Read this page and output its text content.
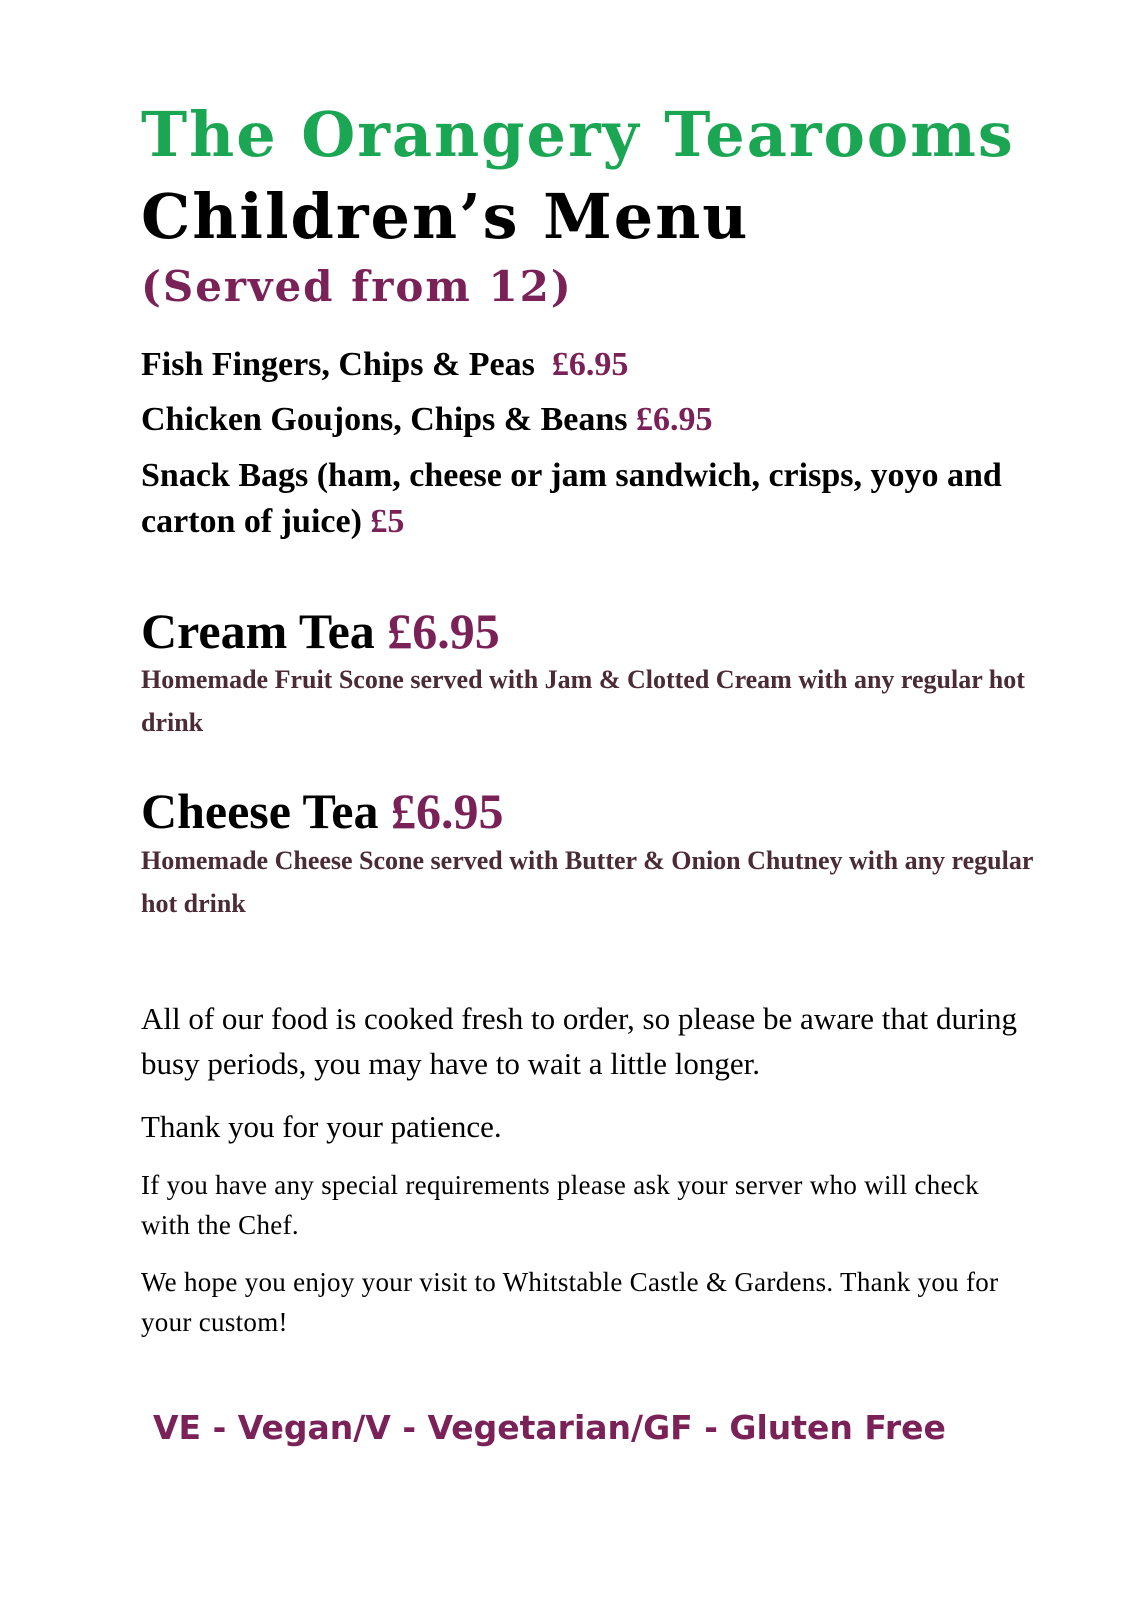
The Orangery Tearooms
Children’s Menu
(Served from 12)

Fish Fingers, Chips & Peas £6.95

Chicken Goujons, Chips & Beans £6.95

Snack Bags (ham, cheese or jam sandwich, crisps, yoyo and carton of juice) £5

Cream Tea £6.95

Homemade Fruit Scone served with Jam & Clotted Cream with any regular hot drink

Cheese Tea £6.95

Homemade Cheese Scone served with Butter & Onion Chutney with any regular hot drink

All of our food is cooked fresh to order, so please be aware that during busy periods, you may have to wait a little longer.

Thank you for your patience.

If you have any special requirements please ask your server who will check with the Chef.

We hope you enjoy your visit to Whitstable Castle & Gardens. Thank you for your custom!

VE - Vegan/V - Vegetarian/GF - Gluten Free
